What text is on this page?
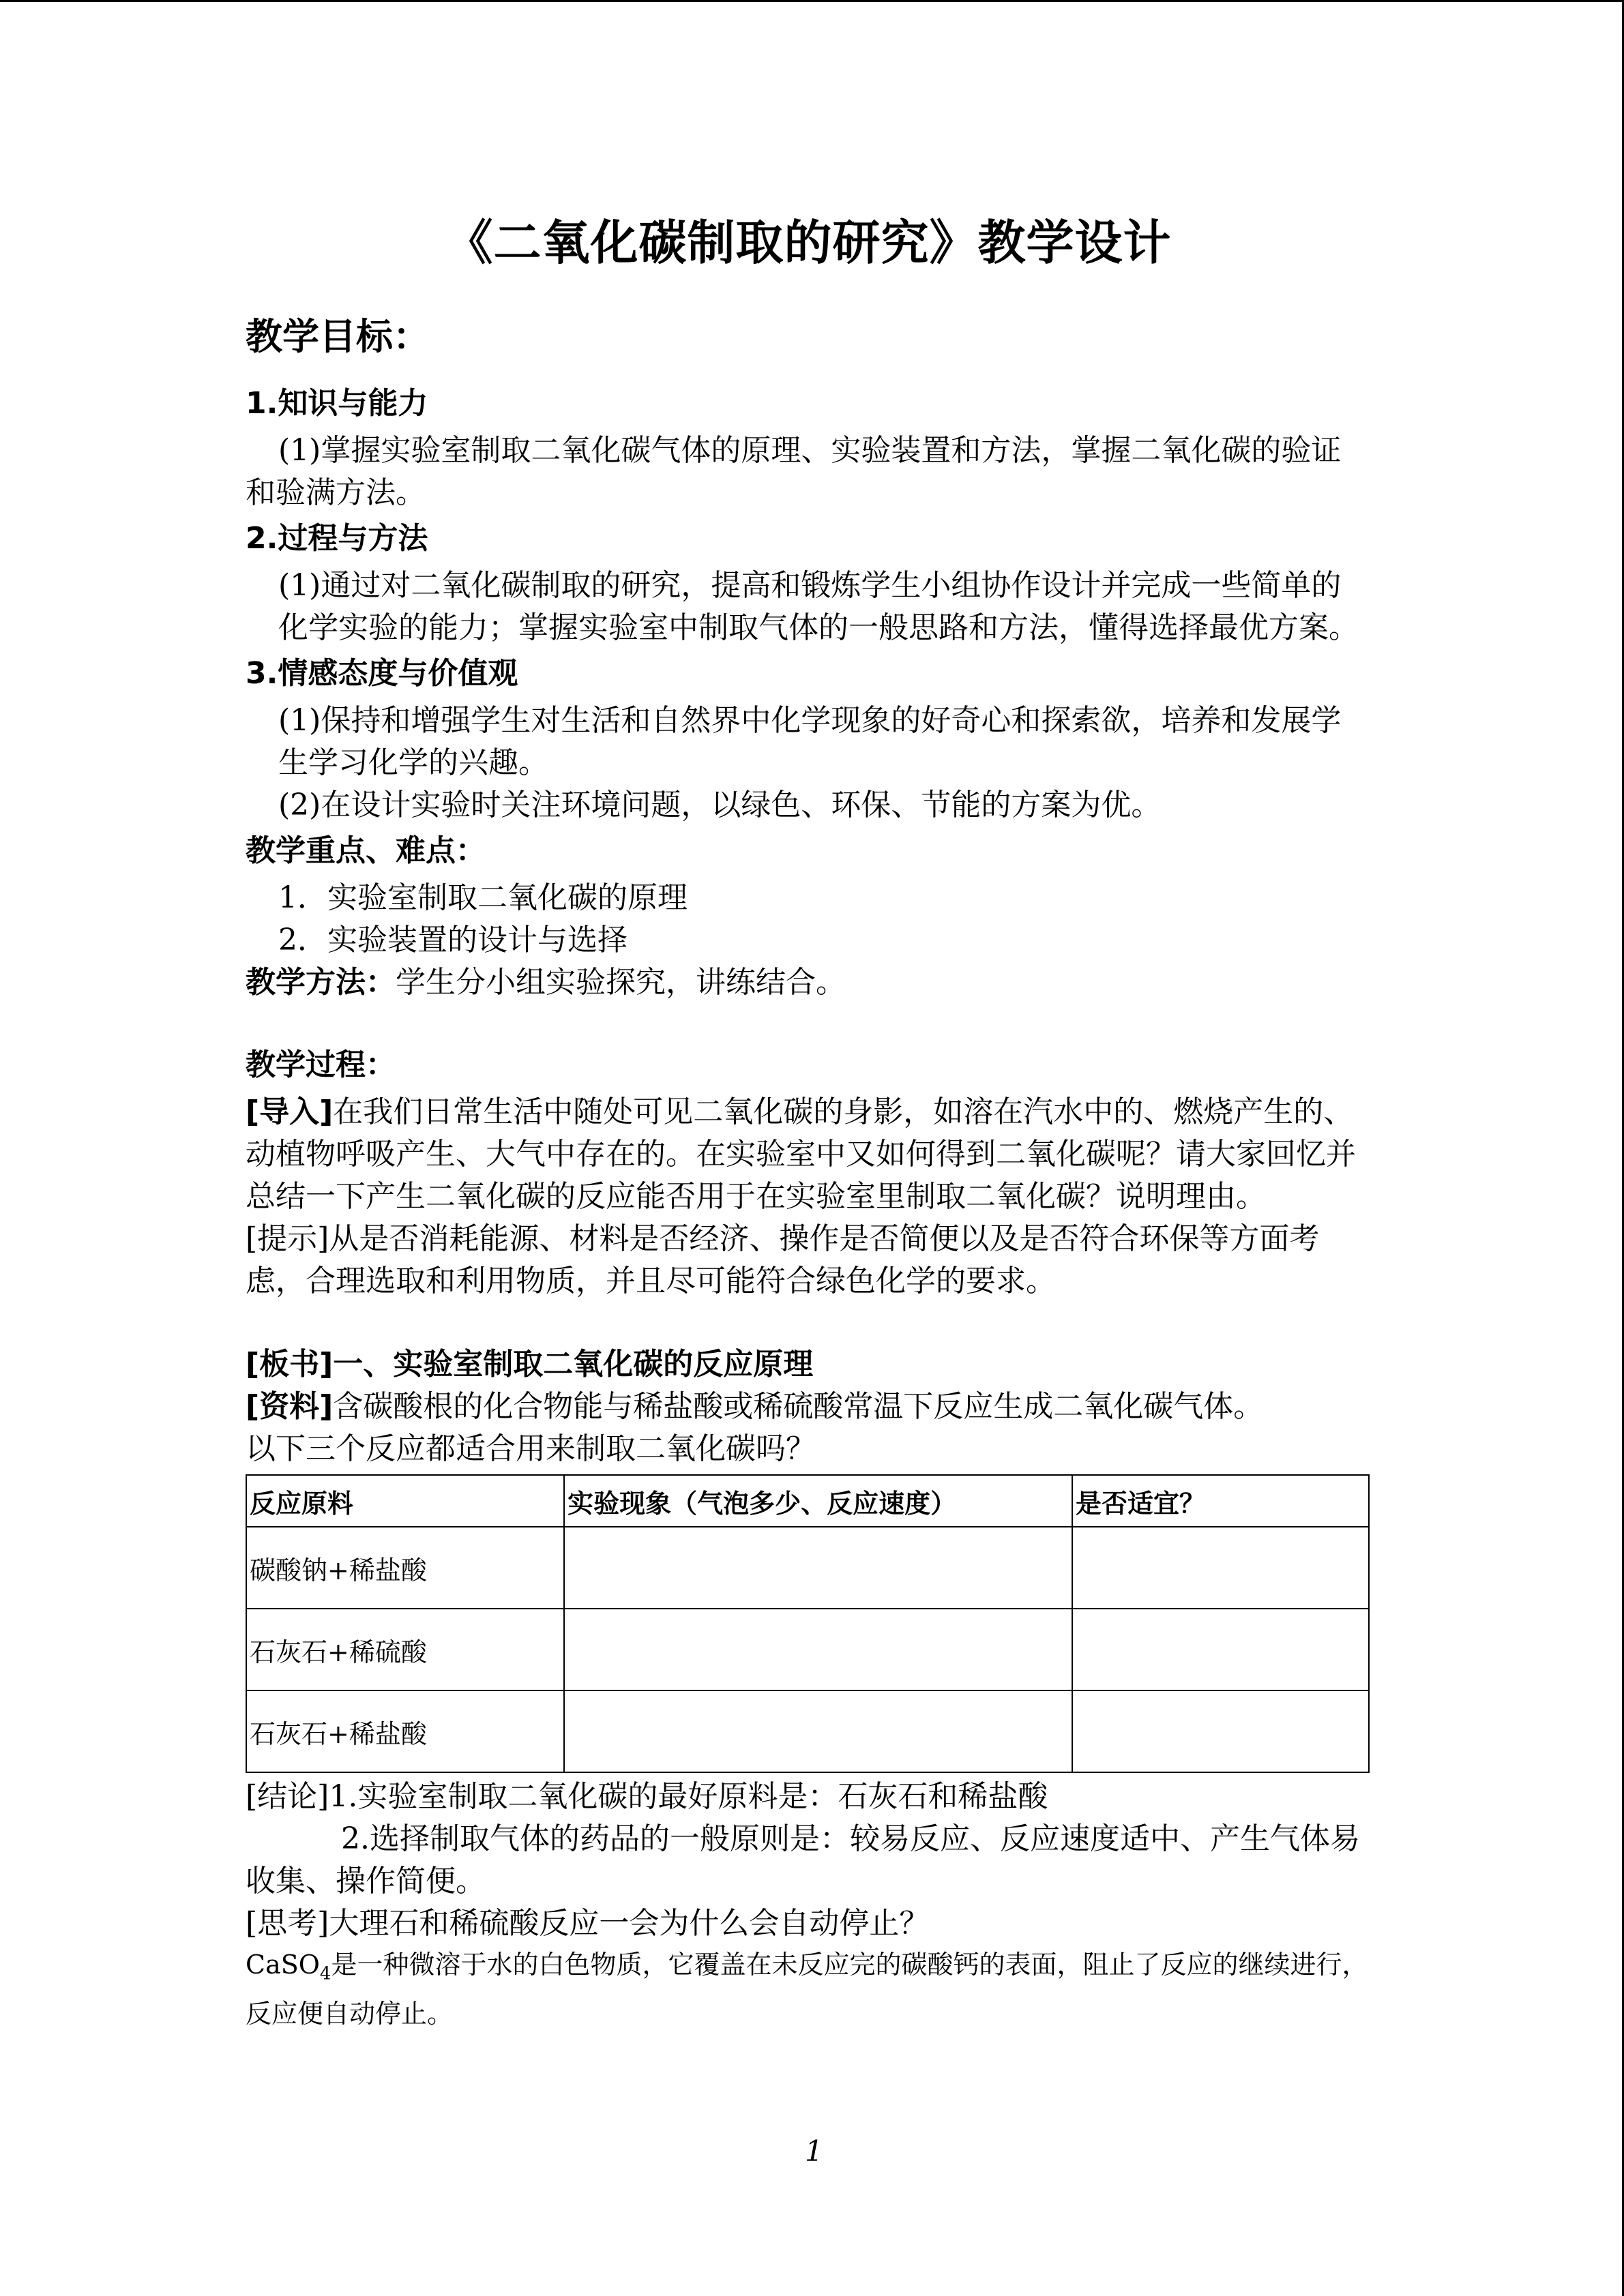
《二氧化碳制取的研究》教学设计
教学目标：
1.知识与能力

(1)掌握实验室制取二氧化碳气体的原理、实验装置和方法，掌握二氧化碳的验证和验满方法。

2.过程与方法

(1)通过对二氧化碳制取的研究，提高和锻炼学生小组协作设计并完成一些简单的化学实验的能力；掌握实验室中制取气体的一般思路和方法，懂得选择最优方案。

3.情感态度与价值观

(1)保持和增强学生对生活和自然界中化学现象的好奇心和探索欲，培养和发展学生学习化学的兴趣。

(2)在设计实验时关注环境问题，以绿色、环保、节能的方案为优。

教学重点、难点：

1．实验室制取二氧化碳的原理

2．实验装置的设计与选择

教学方法：学生分小组实验探究，讲练结合。

教学过程：

[导入]在我们日常生活中随处可见二氧化碳的身影，如溶在汽水中的、燃烧产生的、动植物呼吸产生、大气中存在的。在实验室中又如何得到二氧化碳呢？请大家回忆并总结一下产生二氧化碳的反应能否用于在实验室里制取二氧化碳？说明理由。

[提示]从是否消耗能源、材料是否经济、操作是否简便以及是否符合环保等方面考虑，合理选取和利用物质，并且尽可能符合绿色化学的要求。

[板书]一、实验室制取二氧化碳的反应原理

[资料]含碳酸根的化合物能与稀盐酸或稀硫酸常温下反应生成二氧化碳气体。

以下三个反应都适合用来制取二氧化碳吗？

反应原料	实验现象（气泡多少、反应速度）	是否适宜？
碳酸钠+稀盐酸		
石灰石+稀硫酸		
石灰石+稀盐酸		

[结论]1.实验室制取二氧化碳的最好原料是：石灰石和稀盐酸

2.选择制取气体的药品的一般原则是：较易反应、反应速度适中、产生气体易收集、操作简便。

[思考]大理石和稀硫酸反应一会为什么会自动停止？

CaSO$_4$是一种微溶于水的白色物质，它覆盖在未反应完的碳酸钙的表面，阻止了反应的继续进行，反应便自动停止。

1
